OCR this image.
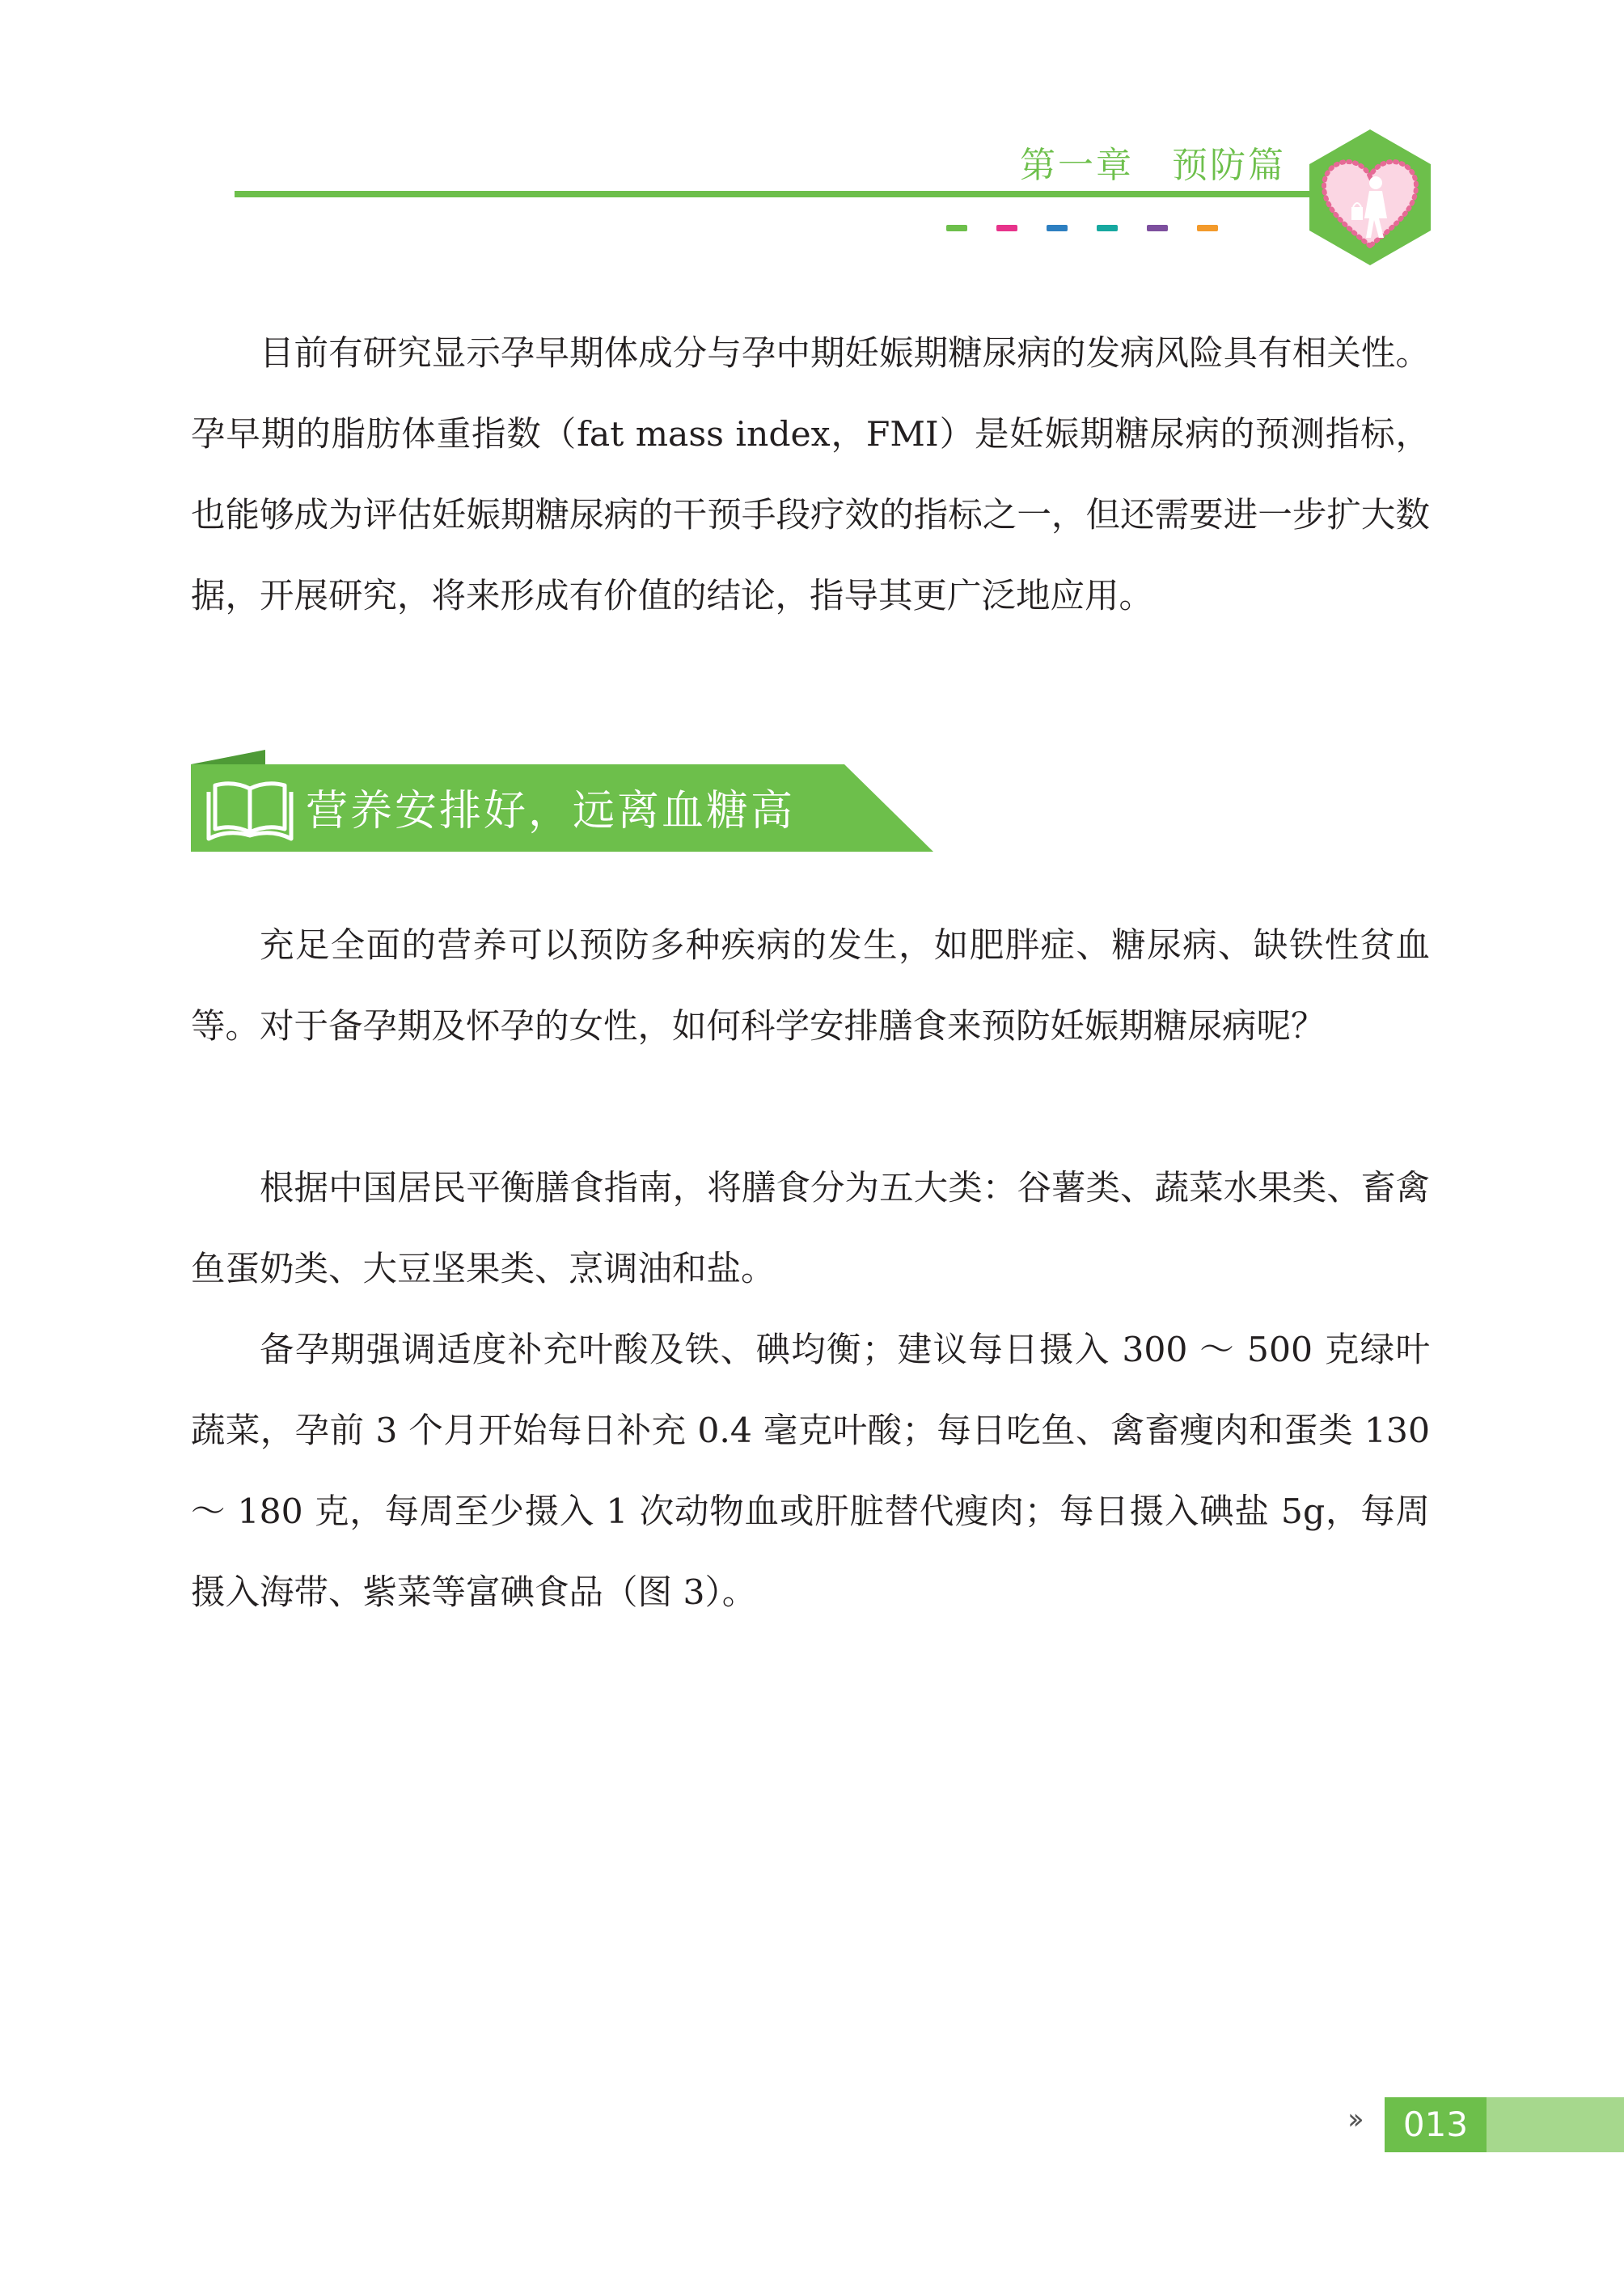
第一章　预防篇

目前有研究显示孕早期体成分与孕中期妊娠期糖尿病的发病风险具有相关性。孕早期的脂肪体重指数（fat mass index，FMI）是妊娠期糖尿病的预测指标，也能够成为评估妊娠期糖尿病的干预手段疗效的指标之一，但还需要进一步扩大数据，开展研究，将来形成有价值的结论，指导其更广泛地应用。

营养安排好，远离血糖高

充足全面的营养可以预防多种疾病的发生，如肥胖症、糖尿病、缺铁性贫血等。对于备孕期及怀孕的女性，如何科学安排膳食来预防妊娠期糖尿病呢？

根据中国居民平衡膳食指南，将膳食分为五大类：谷薯类、蔬菜水果类、畜禽鱼蛋奶类、大豆坚果类、烹调油和盐。

备孕期强调适度补充叶酸及铁、碘均衡；建议每日摄入 300 ～ 500 克绿叶蔬菜，孕前 3 个月开始每日补充 0.4 毫克叶酸；每日吃鱼、禽畜瘦肉和蛋类 130 ～ 180 克，每周至少摄入 1 次动物血或肝脏替代瘦肉；每日摄入碘盐 5g，每周摄入海带、紫菜等富碘食品（图 3）。

››	013
